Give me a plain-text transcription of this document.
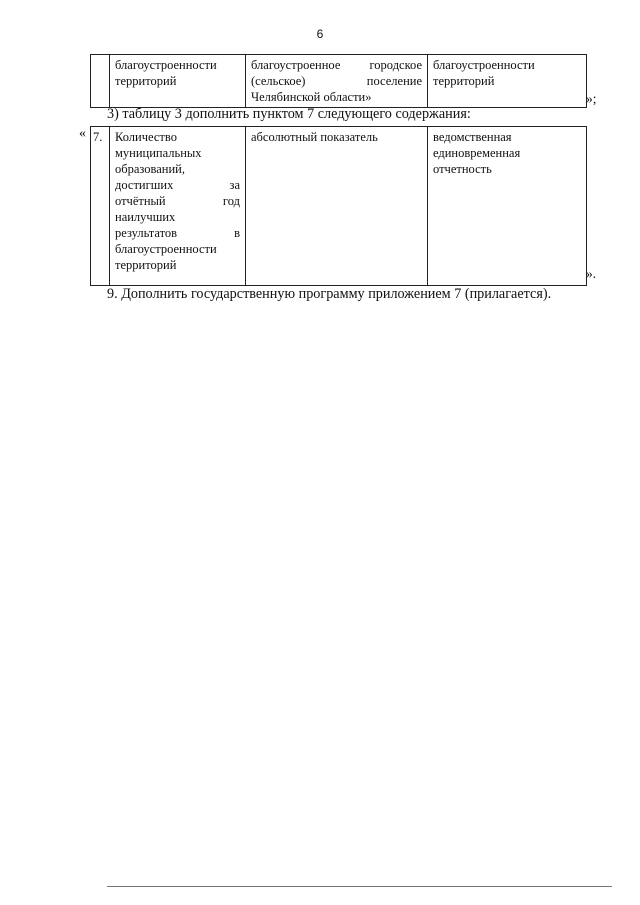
6
	благоустроенности территорий	благоустроенное городское (сельское) поселение Челябинской области»	благоустроенности территорий
»;
3) таблицу 3 дополнить пунктом 7 следующего содержания:
« 7.	Количество муниципальных образований, достигших за отчётный год наилучших результатов в благоустроенности территорий	абсолютный показатель	ведомственная единовременная отчетность
».
9. Дополнить государственную программу приложением 7 (прилагается).
